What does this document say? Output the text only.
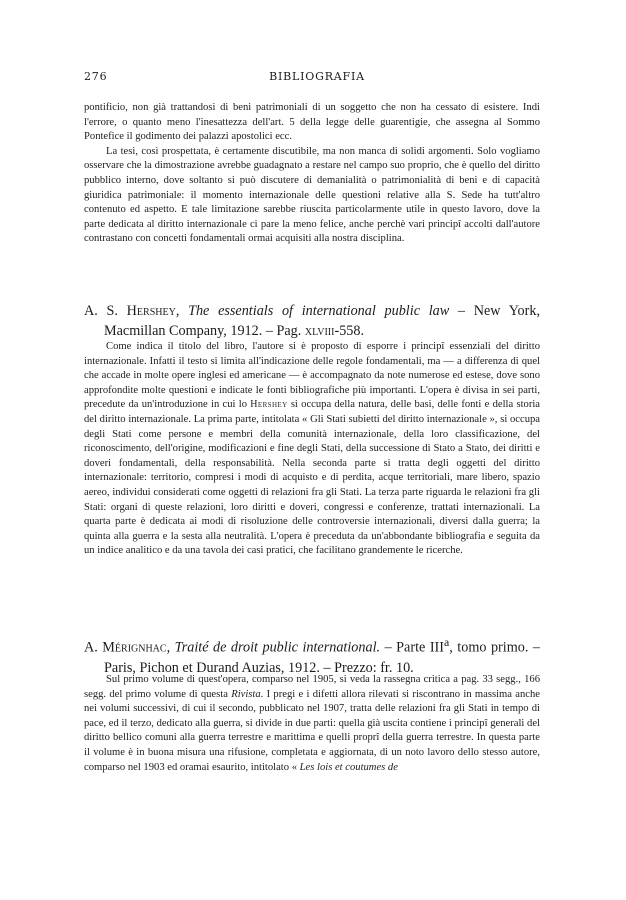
276	BIBLIOGRAFIA

pontificio, non già trattandosi di beni patrimoniali di un soggetto che non ha cessato di esistere. Indi l'errore, o quanto meno l'inesattezza dell'art. 5 della legge delle guarentigie, che assegna al Sommo Pontefice il godimento dei palazzi apostolici ecc.

La tesi, così prospettata, è certamente discutibile, ma non manca di solidi argomenti. Solo vogliamo osservare che la dimostrazione avrebbe guadagnato a restare nel campo suo proprio, che è quello del diritto pubblico interno, dove soltanto si può discutere di demanialità o patrimonialità di beni e di capacità giuridica patrimoniale: il momento internazionale delle questioni relative alla S. Sede ha tutt'altro contenuto ed aspetto. E tale limitazione sarebbe riuscita particolarmente utile in questo lavoro, dove la parte dedicata al diritto internazionale ci pare la meno felice, anche perchè vari principî accolti dall'autore contrastano con concetti fondamentali ormai acquisiti alla nostra disciplina.

A. S. Hershey, The essentials of international public law – New York, Macmillan Company, 1912. – Pag. xlviii-558.

Come indica il titolo del libro, l'autore si è proposto di esporre i principî essenziali del diritto internazionale. Infatti il testo si limita all'indicazione delle regole fondamentali, ma — a differenza di quel che accade in molte opere inglesi ed americane — è accompagnato da note numerose ed estese, dove sono approfondite molte questioni e indicate le fonti bibliografiche più importanti. L'opera è divisa in sei parti, precedute da un'introduzione in cui lo Hershey si occupa della natura, delle basi, delle fonti e della storia del diritto internazionale. La prima parte, intitolata « Gli Stati subietti del diritto internazionale », si occupa degli Stati come persone e membri della comunità internazionale, della loro classificazione, del riconoscimento, dell'origine, modificazioni e fine degli Stati, della successione di Stato a Stato, dei diritti e doveri fondamentali, della responsabilità. Nella seconda parte si tratta degli oggetti del diritto internazionale: territorio, compresi i modi di acquisto e di perdita, acque territoriali, mare libero, spazio aereo, individui considerati come oggetti di relazioni fra gli Stati. La terza parte riguarda le relazioni fra gli Stati: organi di queste relazioni, loro diritti e doveri, congressi e conferenze, trattati internazionali. La quarta parte è dedicata ai modi di risoluzione delle controversie internazionali, diversi dalla guerra; la quinta alla guerra e la sesta alla neutralità. L'opera è preceduta da un'abbondante bibliografia e seguita da un indice analitico e da una tavola dei casi pratici, che facilitano grandemente le ricerche.

A. Mérignhac, Traité de droit public international. – Parte III$^a$, tomo primo. – Paris, Pichon et Durand Auzias, 1912. – Prezzo: fr. 10.

Sul primo volume di quest'opera, comparso nel 1905, si veda la rassegna critica a pag. 33 segg., 166 segg. del primo volume di questa Rivista. I pregi e i difetti allora rilevati si riscontrano in massima anche nei volumi successivi, di cui il secondo, pubblicato nel 1907, tratta delle relazioni fra gli Stati in tempo di pace, ed il terzo, dedicato alla guerra, si divide in due parti: quella già uscita contiene i principî generali del diritto bellico comuni alla guerra terrestre e marittima e quelli proprî della guerra terrestre. In questa parte il volume è in buona misura una rifusione, completata e aggiornata, di un noto lavoro dello stesso autore, comparso nel 1903 ed oramai esaurito, intitolato « Les lois et coutumes de
